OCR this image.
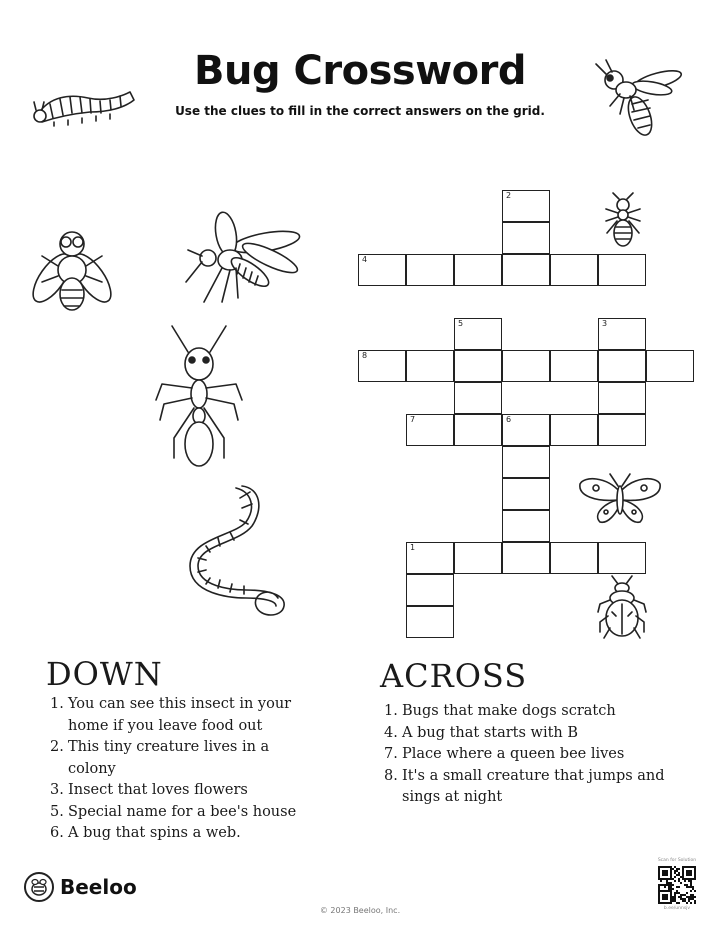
Bug Crossword
Use the clues to fill in the correct answers on the grid.
2
4
5	3
8
7	6
1
DOWN
1. You can see this insect in your home if you leave food out
2. This tiny creature lives in a colony
3. Insect that loves flowers
5. Special name for a bee's house
6. A bug that spins a web.
ACROSS
1. Bugs that make dogs scratch
4. A bug that starts with B
7. Place where a queen bee lives
8. It's a small creature that jumps and sings at night
Beeloo
© 2023 Beeloo, Inc.
Scan for Solution
b.ee/unnsjv
